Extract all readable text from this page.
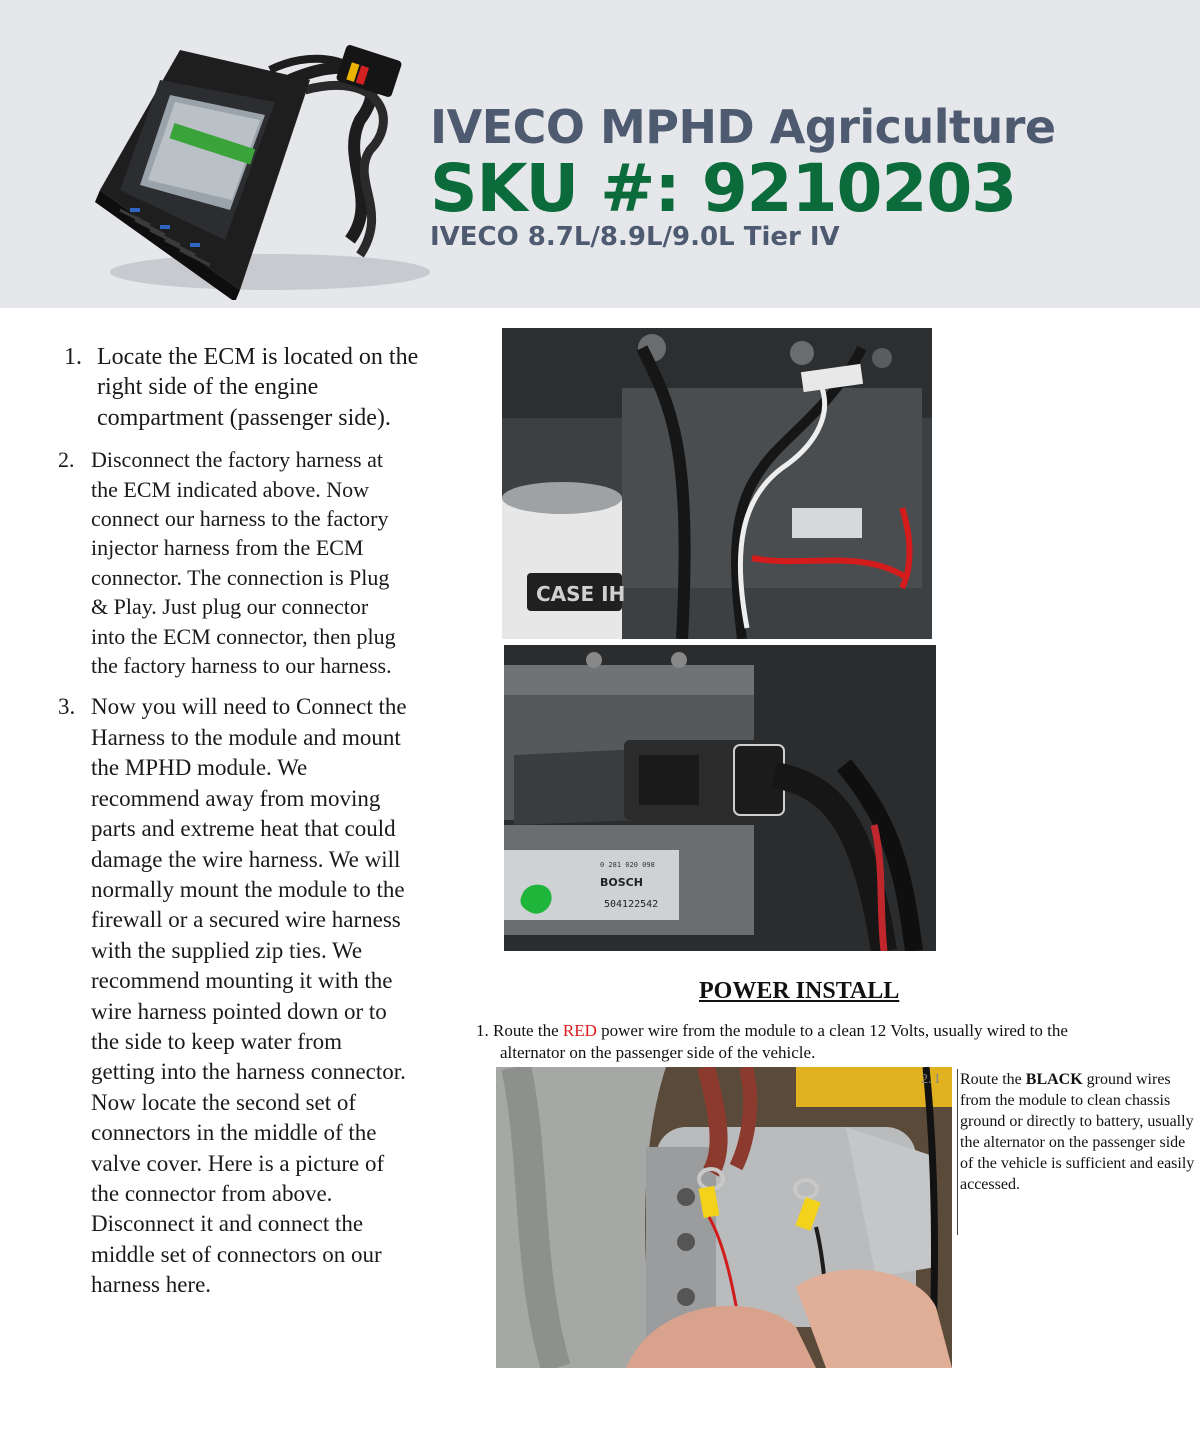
IVECO MPHD Agriculture
SKU #: 9210203
IVECO 8.7L/8.9L/9.0L Tier IV
1. Locate the ECM is located on the
right side of the engine
compartment (passenger side).
2. Disconnect the factory harness at
the ECM indicated above. Now
connect our harness to the factory
injector harness from the ECM
connector. The connection is Plug
& Play. Just plug our connector
into the ECM connector, then plug
the factory harness to our harness.
3. Now you will need to Connect the
Harness to the module and mount
the MPHD module. We
recommend away from moving
parts and extreme heat that could
damage the wire harness. We will
normally mount the module to the
firewall or a secured wire harness
with the supplied zip ties. We
recommend mounting it with the
wire harness pointed down or to
the side to keep water from
getting into the harness connector.
Now locate the second set of
connectors in the middle of the
valve cover. Here is a picture of
the connector from above.
Disconnect it and connect the
middle set of connectors on our
harness here.
CASE IH
0 281 020 098
BOSCH
504122542
POWER INSTALL
1. Route the RED power wire from the module to a clean 12 Volts, usually wired to the
alternator on the passenger side of the vehicle.
2. I Route the BLACK ground wires from the module to clean chassis ground or directly to battery, usually the alternator on the passenger side of the vehicle is sufficient and easily accessed.
